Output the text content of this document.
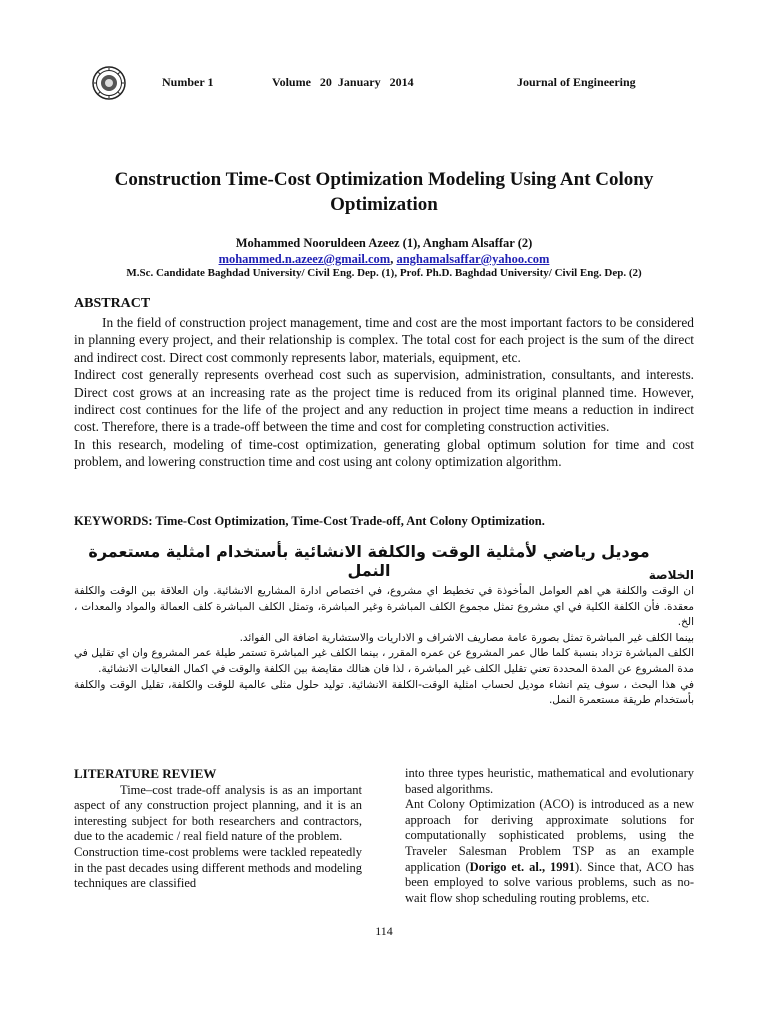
Number 1	Volume   20  January   2014	Journal of Engineering
Construction Time-Cost Optimization Modeling Using Ant Colony Optimization
Mohammed Nooruldeen Azeez (1), Angham Alsaffar (2)
mohammed.n.azeez@gmail.com, anghamalsaffar@yahoo.com
M.Sc. Candidate Baghdad University/ Civil Eng. Dep. (1), Prof. Ph.D. Baghdad University/ Civil Eng. Dep. (2)
ABSTRACT

In the field of construction project management, time and cost are the most important factors to be considered in planning every project, and their relationship is complex. The total cost for each project is the sum of the direct and indirect cost. Direct cost commonly represents labor, materials, equipment, etc.

Indirect cost generally represents overhead cost such as supervision, administration, consultants, and interests. Direct cost grows at an increasing rate as the project time is reduced from its original planned time. However, indirect cost continues for the life of the project and any reduction in project time means a reduction in indirect cost. Therefore, there is a trade-off between the time and cost for completing construction activities.

In this research, modeling of time-cost optimization, generating global optimum solution for time and cost problem, and lowering construction time and cost using ant colony optimization algorithm.

KEYWORDS: Time-Cost Optimization, Time-Cost Trade-off, Ant Colony Optimization.
موديل رياضي لأمثلية الوقت والكلفة الانشائية بأستخدام امثلية مستعمرة النمل	الخلاصة

ان الوقت والكلفة هي اهم العوامل المأخوذة في تخطيط اي مشروع، في اختصاص ادارة المشاريع الانشائية. وان العلاقة بين الوقت والكلفة معقدة. فأن الكلفة الكلية في اي مشروع تمثل مجموع الكلف المباشرة وغير المباشرة، وتمثل الكلف المباشرة كلف العمالة والمواد والمعدات ، الخ.

بينما الكلف غير المباشرة تمثل بصورة عامة مصاريف الاشراف و الاداريات والاستشارية اضافة الى الفوائد.

الكلف المباشرة تزداد بنسبة كلما طال عمر المشروع عن عمره المقرر ، بينما الكلف غير المباشرة تستمر طيلة عمر المشروع وان اي تقليل في مدة المشروع عن المدة المحددة تعني تقليل الكلف غير المباشرة ، لذا فان هنالك مقايضة بين الكلفة والوقت في اكمال الفعاليات الانشائية.

في هذا البحث ، سوف يتم انشاء موديل لحساب امثلية الوقت-الكلفة الانشائية. توليد حلول مثلى عالمية للوقت والكلفة، تقليل الوقت والكلفة بأستخدام طريقة مستعمرة النمل.

LITERATURE REVIEW

Time–cost trade-off analysis is as an important aspect of any construction project planning, and it is an interesting subject for both researchers and contractors, due to the academic / real field nature of the problem.

Construction time-cost problems were tackled repeatedly in the past decades using different methods and modeling techniques are classified

into three types heuristic, mathematical and evolutionary based algorithms.

Ant Colony Optimization (ACO) is introduced as a new approach for deriving approximate solutions for computationally sophisticated problems, using the Traveler Salesman Problem TSP as an example application (Dorigo et. al., 1991). Since that, ACO has been employed to solve various problems, such as no-wait flow shop scheduling routing problems, etc.

114
